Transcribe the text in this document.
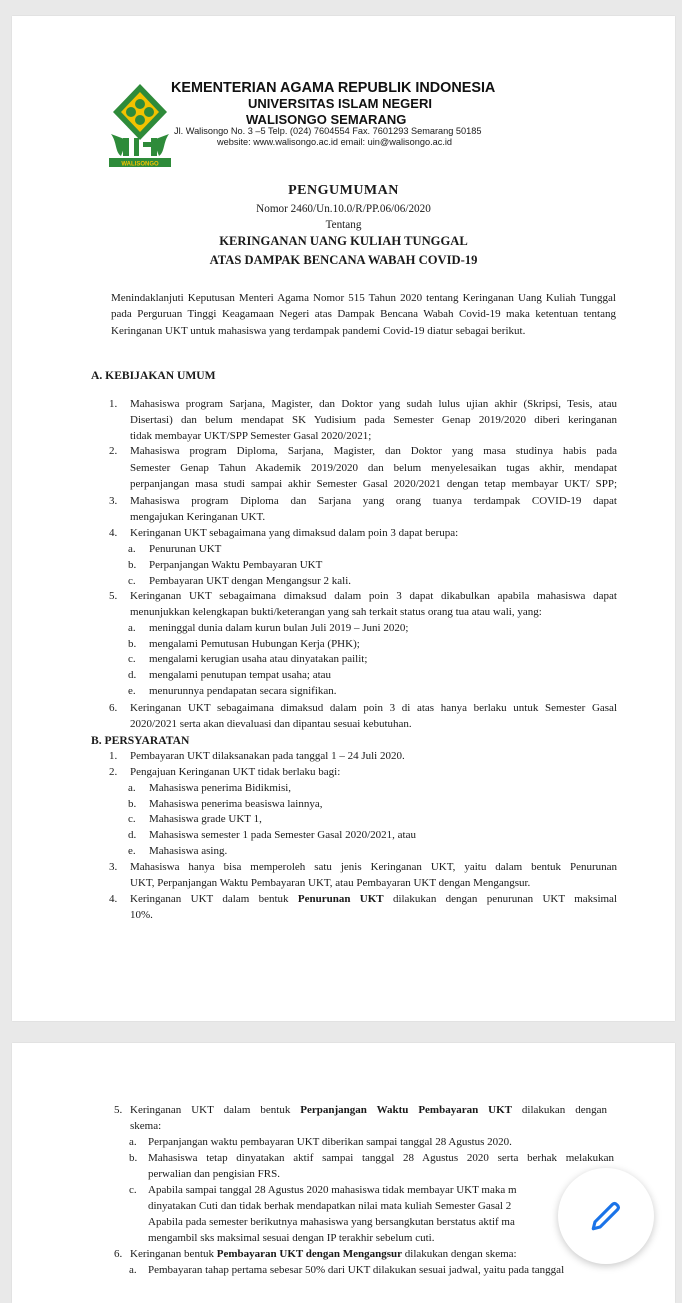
WALISONGO
KEMENTERIAN AGAMA REPUBLIK INDONESIA
UNIVERSITAS ISLAM NEGERI
WALISONGO SEMARANG
Jl. Walisongo No. 3 –5 Telp. (024) 7604554 Fax. 7601293 Semarang 50185
website: www.walisongo.ac.id email: uin@walisongo.ac.id
PENGUMUMAN
Nomor 2460/Un.10.0/R/PP.06/06/2020
Tentang
KERINGANAN UANG KULIAH TUNGGAL
ATAS DAMPAK BENCANA WABAH COVID-19

Menindaklanjuti Keputusan Menteri Agama Nomor 515 Tahun 2020 tentang Keringanan Uang Kuliah Tunggal pada Perguruan Tinggi Keagamaan Negeri atas Dampak Bencana Wabah Covid-19 maka ketentuan tentang Keringanan UKT untuk mahasiswa yang terdampak pandemi Covid-19 diatur sebagai berikut.

A. KEBIJAKAN UMUM
1. Mahasiswa program Sarjana, Magister, dan Doktor yang sudah lulus ujian akhir (Skripsi, Tesis, atau
Disertasi) dan belum mendapat SK Yudisium pada Semester Genap 2019/2020 diberi keringanan
tidak membayar UKT/SPP Semester Gasal 2020/2021;
2. Mahasiswa program Diploma, Sarjana, Magister, dan Doktor yang masa studinya habis pada
Semester Genap Tahun Akademik 2019/2020 dan belum menyelesaikan tugas akhir, mendapat
perpanjangan masa studi sampai akhir Semester Gasal 2020/2021 dengan tetap membayar UKT/ SPP;
3. Mahasiswa program Diploma dan Sarjana yang orang tuanya terdampak COVID-19 dapat
mengajukan Keringanan UKT.
4. Keringanan UKT sebagaimana yang dimaksud dalam poin 3 dapat berupa:
a. Penurunan UKT
b. Perpanjangan Waktu Pembayaran UKT
c. Pembayaran UKT dengan Mengangsur 2 kali.
5. Keringanan UKT sebagaimana dimaksud dalam poin 3 dapat dikabulkan apabila mahasiswa dapat
menunjukkan kelengkapan bukti/keterangan yang sah terkait status orang tua atau wali, yang:
a. meninggal dunia dalam kurun bulan Juli 2019 – Juni 2020;
b. mengalami Pemutusan Hubungan Kerja (PHK);
c. mengalami kerugian usaha atau dinyatakan pailit;
d. mengalami penutupan tempat usaha; atau
e. menurunnya pendapatan secara signifikan.
6. Keringanan UKT sebagaimana dimaksud dalam poin 3 di atas hanya berlaku untuk Semester Gasal
2020/2021 serta akan dievaluasi dan dipantau sesuai kebutuhan.
B. PERSYARATAN
1. Pembayaran UKT dilaksanakan pada tanggal 1 – 24 Juli 2020.
2. Pengajuan Keringanan UKT tidak berlaku bagi:
a. Mahasiswa penerima Bidikmisi,
b. Mahasiswa penerima beasiswa lainnya,
c. Mahasiswa grade UKT 1,
d. Mahasiswa semester 1 pada Semester Gasal 2020/2021, atau
e. Mahasiswa asing.
3. Mahasiswa hanya bisa memperoleh satu jenis Keringanan UKT, yaitu dalam bentuk Penurunan
UKT, Perpanjangan Waktu Pembayaran UKT, atau Pembayaran UKT dengan Mengangsur.
4. Keringanan UKT dalam bentuk Penurunan UKT dilakukan dengan penurunan UKT maksimal
10%.
5. Keringanan UKT dalam bentuk Perpanjangan Waktu Pembayaran UKT dilakukan dengan
skema:
a. Perpanjangan waktu pembayaran UKT diberikan sampai tanggal 28 Agustus 2020.
b. Mahasiswa tetap dinyatakan aktif sampai tanggal 28 Agustus 2020 serta berhak melakukan
perwalian dan pengisian FRS.
c. Apabila sampai tanggal 28 Agustus 2020 mahasiswa tidak membayar UKT maka m
dinyatakan Cuti dan tidak berhak mendapatkan nilai mata kuliah Semester Gasal 2
Apabila pada semester berikutnya mahasiswa yang bersangkutan berstatus aktif ma
mengambil sks maksimal sesuai dengan IP terakhir sebelum cuti.
6. Keringanan bentuk Pembayaran UKT dengan Mengangsur dilakukan dengan skema:
a. Pembayaran tahap pertama sebesar 50% dari UKT dilakukan sesuai jadwal, yaitu pada tanggal
